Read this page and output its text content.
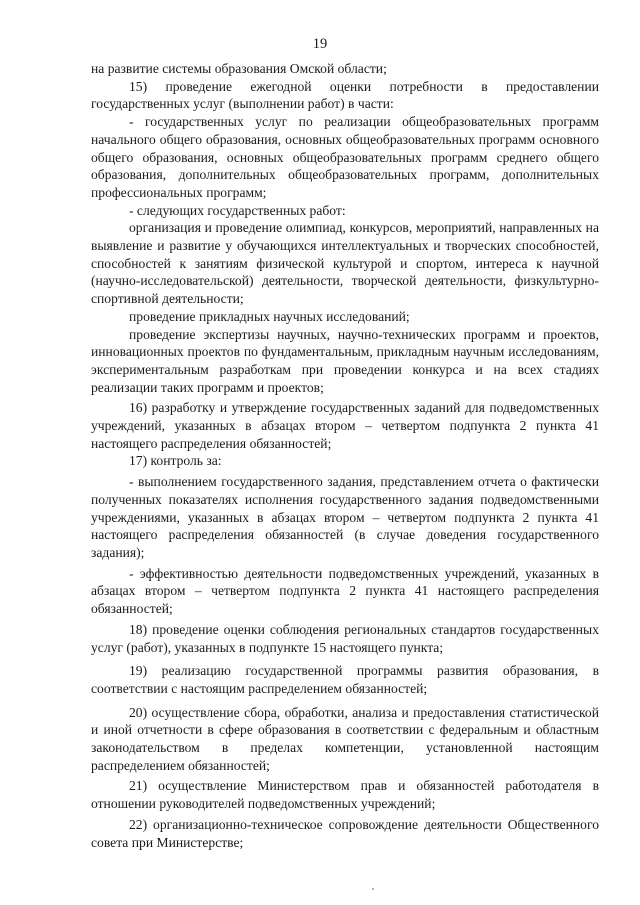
19

на развитие системы образования Омской области;

15) проведение ежегодной оценки потребности в предоставлении государственных услуг (выполнении работ) в части:

- государственных услуг по реализации общеобразовательных программ начального общего образования, основных общеобразовательных программ основного общего образования, основных общеобразовательных программ среднего общего образования, дополнительных общеобразовательных программ, дополнительных профессиональных программ;

- следующих государственных работ:

организация и проведение олимпиад, конкурсов, мероприятий, направленных на выявление и развитие у обучающихся интеллектуальных и творческих способностей, способностей к занятиям физической культурой и спортом, интереса к научной (научно-исследовательской) деятельности, творческой деятельности, физкультурно-спортивной деятельности;

проведение прикладных научных исследований;

проведение экспертизы научных, научно-технических программ и проектов, инновационных проектов по фундаментальным, прикладным научным исследованиям, экспериментальным разработкам при проведении конкурса и на всех стадиях реализации таких программ и проектов;

16) разработку и утверждение государственных заданий для подведомственных учреждений, указанных в абзацах втором – четвертом подпункта 2 пункта 41 настоящего распределения обязанностей;

17) контроль за:

- выполнением государственного задания, представлением отчета о фактически полученных показателях исполнения государственного задания подведомственными учреждениями, указанных в абзацах втором – четвертом подпункта 2 пункта 41 настоящего распределения обязанностей (в случае доведения государственного задания);

- эффективностью деятельности подведомственных учреждений, указанных в абзацах втором – четвертом подпункта 2 пункта 41 настоящего распределения обязанностей;

18) проведение оценки соблюдения региональных стандартов государственных услуг (работ), указанных в подпункте 15 настоящего пункта;

19) реализацию государственной программы развития образования, в соответствии с настоящим распределением обязанностей;

20) осуществление сбора, обработки, анализа и предоставления статистической и иной отчетности в сфере образования в соответствии с федеральным и областным законодательством в пределах компетенции, установленной настоящим распределением обязанностей;

21) осуществление Министерством прав и обязанностей работодателя в отношении руководителей подведомственных учреждений;

22) организационно-техническое сопровождение деятельности Общественного совета при Министерстве;
